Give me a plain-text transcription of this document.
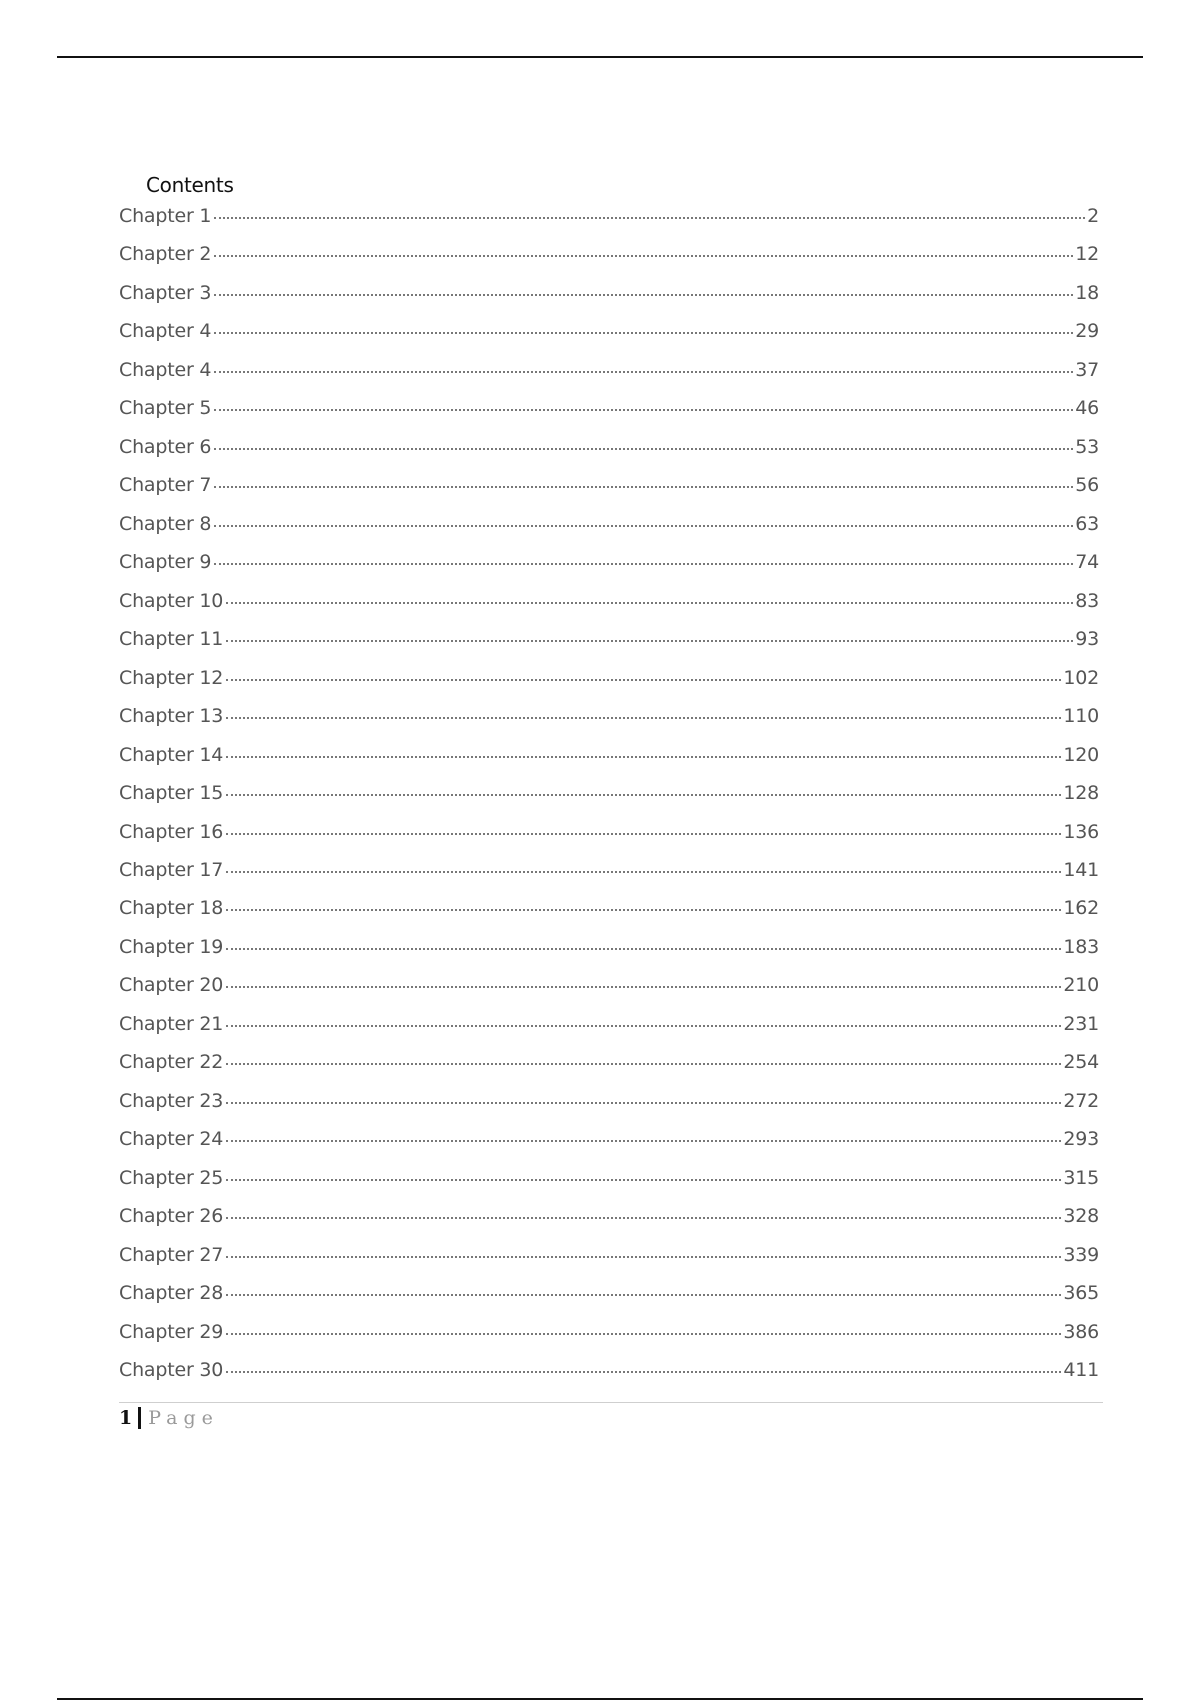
Contents
Chapter 1	2
Chapter 2	12
Chapter 3	18
Chapter 4	29
Chapter 4	37
Chapter 5	46
Chapter 6	53
Chapter 7	56
Chapter 8	63
Chapter 9	74
Chapter 10	83
Chapter 11	93
Chapter 12	102
Chapter 13	110
Chapter 14	120
Chapter 15	128
Chapter 16	136
Chapter 17	141
Chapter 18	162
Chapter 19	183
Chapter 20	210
Chapter 21	231
Chapter 22	254
Chapter 23	272
Chapter 24	293
Chapter 25	315
Chapter 26	328
Chapter 27	339
Chapter 28	365
Chapter 29	386
Chapter 30	411
1 Page
